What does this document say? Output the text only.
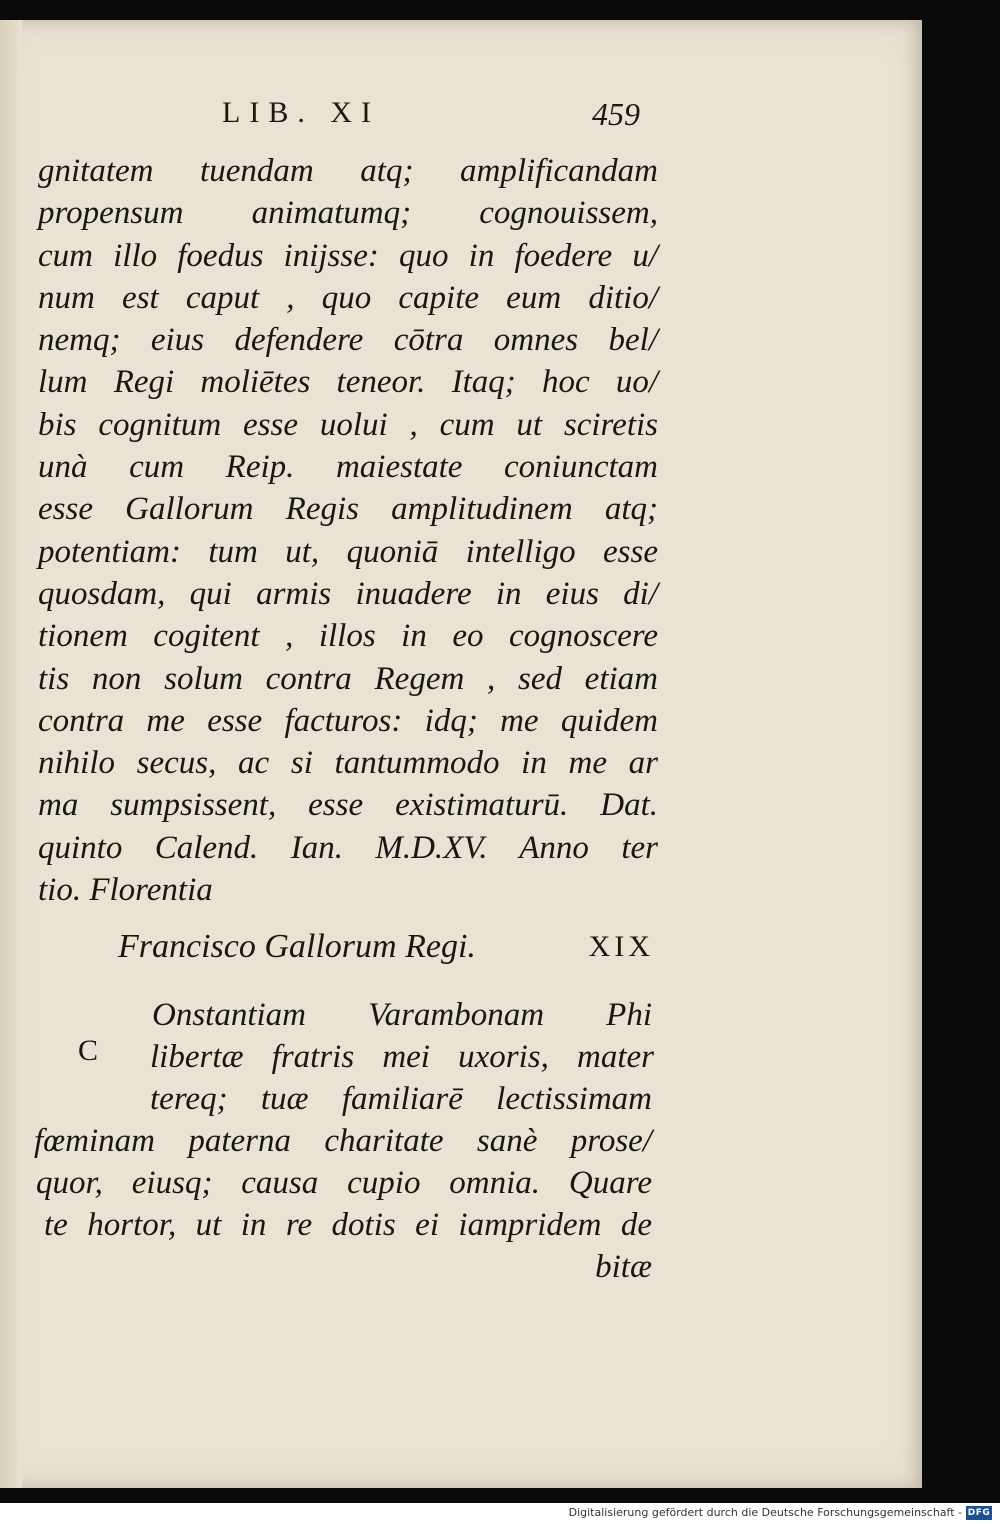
LIB. XI	459
gnitatem tuendam atq; amplificandam
propensum animatumq; cognouissem,
cum illo foedus inijsse: quo in foedere u/
num est caput , quo capite eum ditio/
nemq; eius defendere cōtra omnes bel/
lum Regi moliētes teneor. Itaq; hoc uo/
bis cognitum esse uolui , cum ut sciretis
unà cum Reip. maiestate coniunctam
esse Gallorum Regis amplitudinem atq;
potentiam: tum ut, quoniā intelligo esse
quosdam, qui armis inuadere in eius di/
tionem cogitent , illos in eo cognoscere
tis non solum contra Regem , sed etiam
contra me esse facturos: idq; me quidem
nihilo secus, ac si tantummodo in me ar
ma sumpsissent, esse existimaturū. Dat.
quinto Calend. Ian. M.D.XV. Anno ter
tio. Florentia
Francisco Gallorum Regi.	XIX
C
Onstantiam Varambonam Phi
libertæ fratris mei uxoris, mater
tereq; tuæ familiarē lectissimam
fœminam paterna charitate sanè prose/
quor, eiusq; causa cupio omnia. Quare
te hortor, ut in re dotis ei iampridem de
bitæ
Digitalisierung gefördert durch die Deutsche Forschungsgemeinschaft - DFG
